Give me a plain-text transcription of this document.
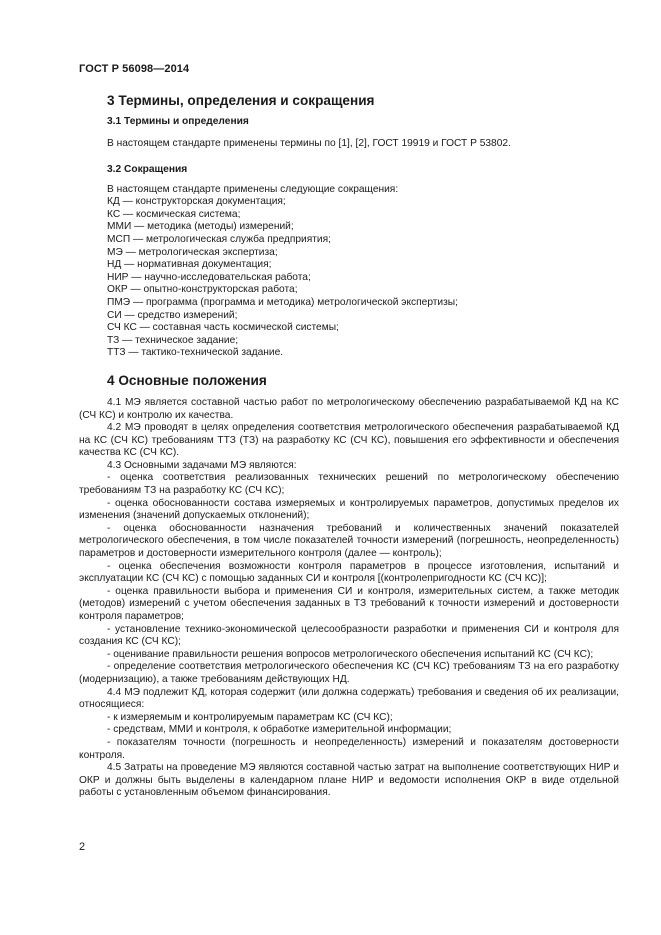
ГОСТ Р 56098—2014
3 Термины, определения и сокращения
3.1 Термины и определения

В настоящем стандарте применены термины по [1], [2], ГОСТ 19919 и ГОСТ Р 53802.

3.2 Сокращения

В настоящем стандарте применены следующие сокращения:

КД — конструкторская документация;
КС — космическая система;
ММИ — методика (методы) измерений;
МСП — метрологическая служба предприятия;
МЭ — метрологическая экспертиза;
НД — нормативная документация;
НИР — научно-исследовательская работа;
ОКР — опытно-конструкторская работа;
ПМЭ — программа (программа и методика) метрологической экспертизы;
СИ — средство измерений;
СЧ КС — составная часть космической системы;
ТЗ — техническое задание;
ТТЗ — тактико-технической задание.
4 Основные положения

4.1 МЭ является составной частью работ по метрологическому обеспечению разрабатываемой КД на КС (СЧ КС) и контролю их качества.

4.2 МЭ проводят в целях определения соответствия метрологического обеспечения разрабатываемой КД на КС (СЧ КС) требованиям ТТЗ (ТЗ) на разработку КС (СЧ КС), повышения его эффективности и обеспечения качества КС (СЧ КС).

4.3 Основными задачами МЭ являются:

- оценка соответствия реализованных технических решений по метрологическому обеспечению требованиям ТЗ на разработку КС (СЧ КС);

- оценка обоснованности состава измеряемых и контролируемых параметров, допустимых пределов их изменения (значений допускаемых отклонений);

- оценка обоснованности назначения требований и количественных значений показателей метрологического обеспечения, в том числе показателей точности измерений (погрешность, неопределенность) параметров и достоверности измерительного контроля (далее — контроль);

- оценка обеспечения возможности контроля параметров в процессе изготовления, испытаний и эксплуатации КС (СЧ КС) с помощью заданных СИ и контроля [(контролепригодности КС (СЧ КС)];

- оценка правильности выбора и применения СИ и контроля, измерительных систем, а также методик (методов) измерений с учетом обеспечения заданных в ТЗ требований к точности измерений и достоверности контроля параметров;

- установление технико-экономической целесообразности разработки и применения СИ и контроля для создания КС (СЧ КС);

- оценивание правильности решения вопросов метрологического обеспечения испытаний КС (СЧ КС);

- определение соответствия метрологического обеспечения КС (СЧ КС) требованиям ТЗ на его разработку (модернизацию), а также требованиям действующих НД.

4.4 МЭ подлежит КД, которая содержит (или должна содержать) требования и сведения об их реализации, относящиеся:

- к измеряемым и контролируемым параметрам КС (СЧ КС);

- средствам, ММИ и контроля, к обработке измерительной информации;

- показателям точности (погрешность и неопределенность) измерений и показателям достоверности контроля.

4.5 Затраты на проведение МЭ являются составной частью затрат на выполнение соответствующих НИР и ОКР и должны быть выделены в календарном плане НИР и ведомости исполнения ОКР в виде отдельной работы с установленным объемом финансирования.

2
